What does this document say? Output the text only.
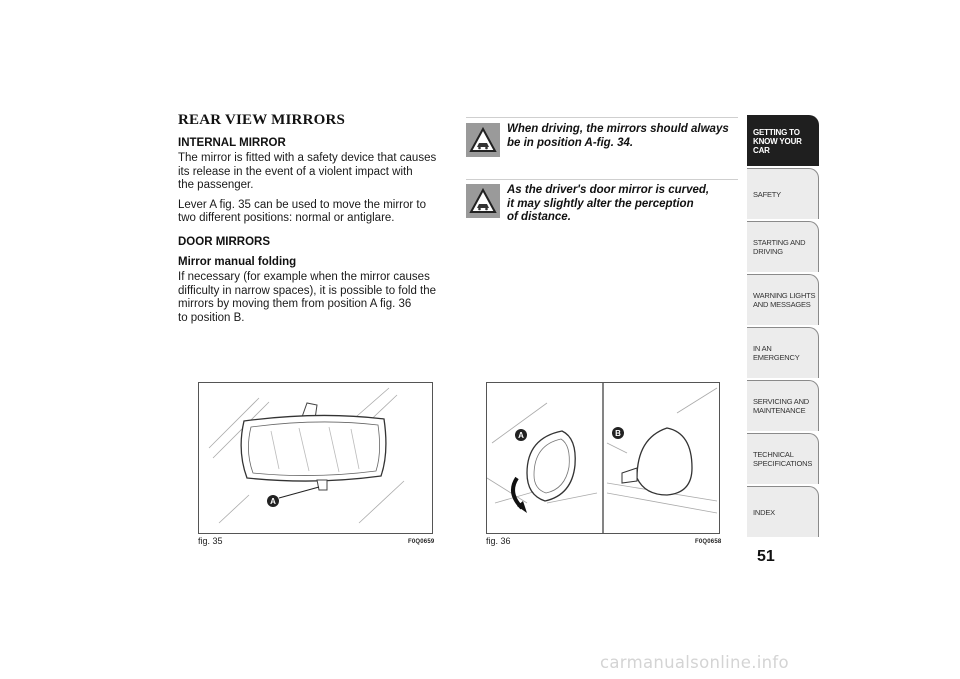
REAR VIEW MIRRORS
INTERNAL MIRROR

The mirror is fitted with a safety device that causes
its release in the event of a violent impact with
the passenger.

Lever A fig. 35 can be used to move the mirror to
two different positions: normal or antiglare.

DOOR MIRRORS
Mirror manual folding

If necessary (for example when the mirror causes
difficulty in narrow spaces), it is possible to fold the
mirrors by moving them from position A fig. 36
to position B.

When driving, the mirrors should always
be in position A-fig. 34.
As the driver's door mirror is curved,
it may slightly alter the perception
of distance.
A
fig. 35	F0Q0659
A	B
fig. 36	F0Q0658
GETTING TO
KNOW YOUR CAR
SAFETY
STARTING AND
DRIVING
WARNING LIGHTS
AND MESSAGES
IN AN EMERGENCY
SERVICING AND
MAINTENANCE
TECHNICAL
SPECIFICATIONS
INDEX
51
carmanualsonline.info
